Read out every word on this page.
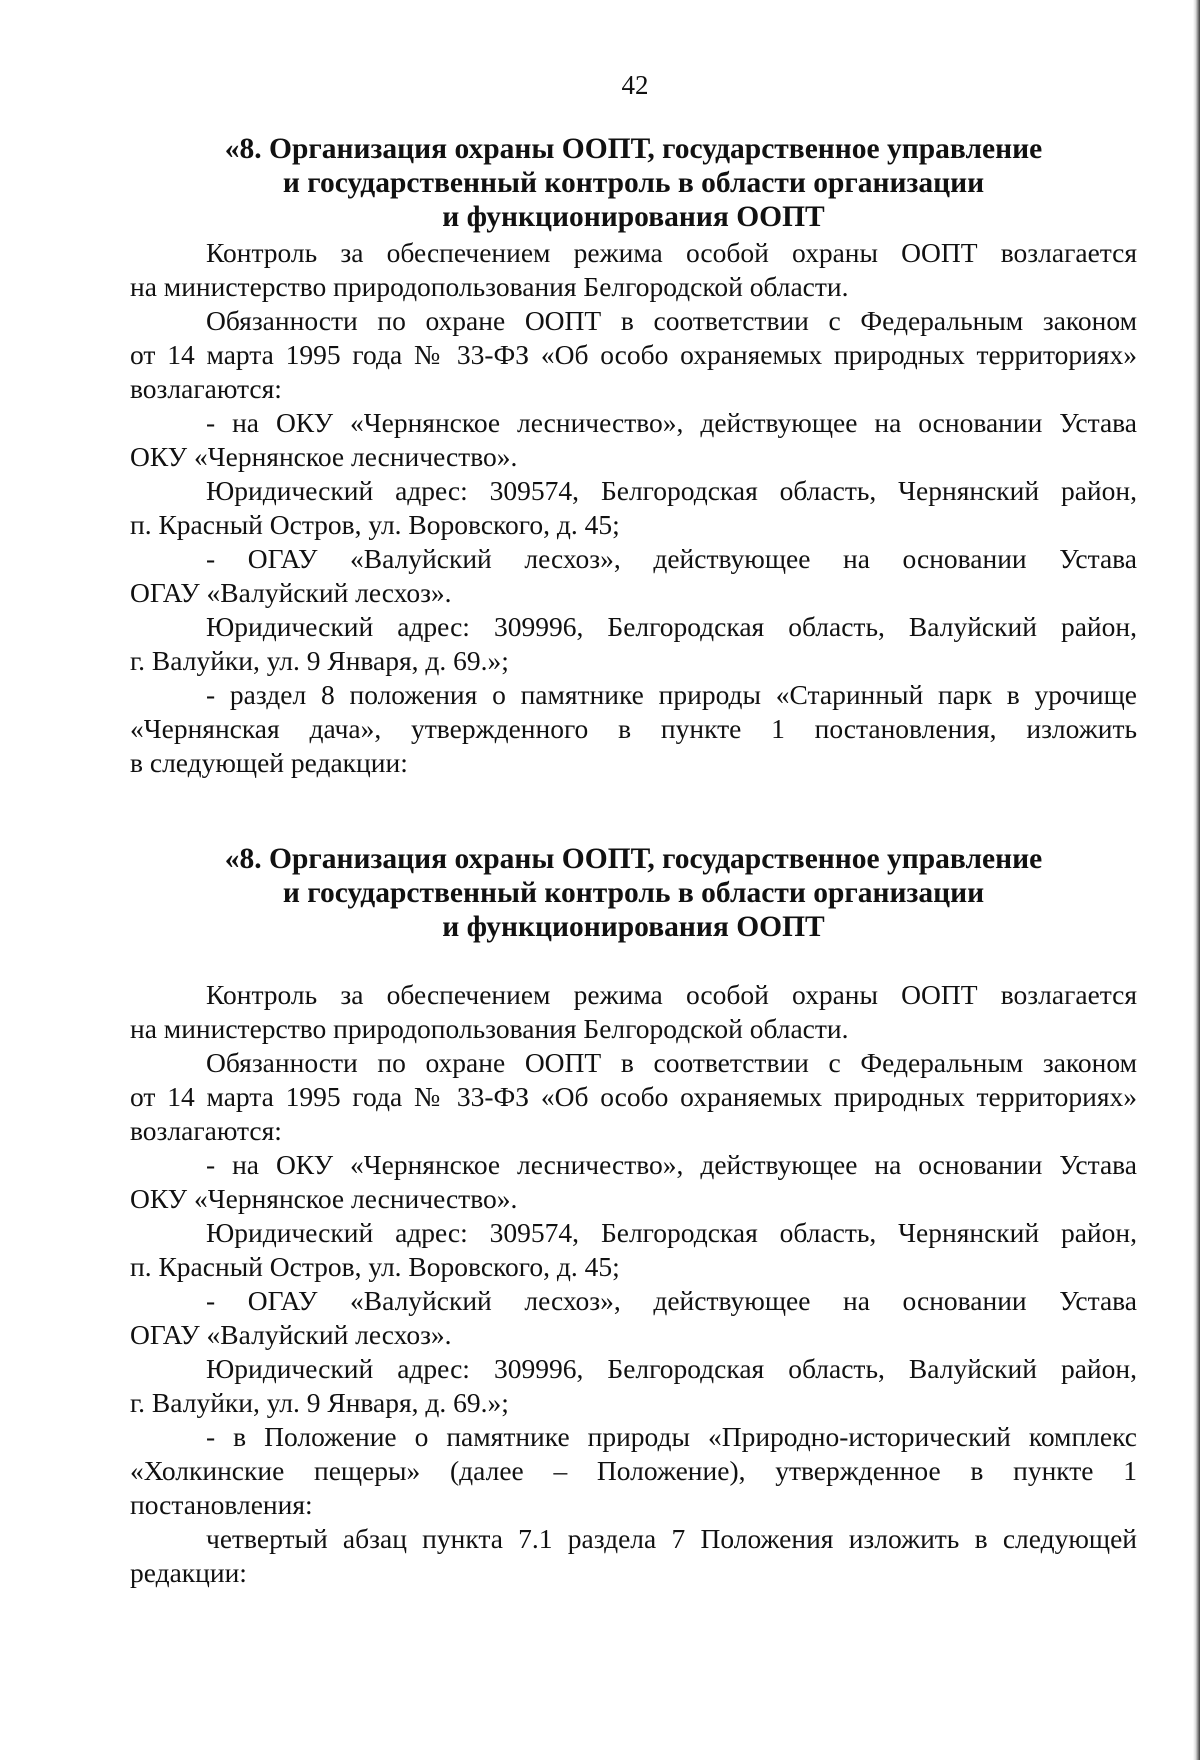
42
«8. Организация охраны ООПТ, государственное управление
и государственный контроль в области организации
и функционирования ООПТ
Контроль за обеспечением режима особой охраны ООПТ возлагается
на министерство природопользования Белгородской области.
Обязанности по охране ООПТ в соответствии с Федеральным законом
от 14 марта 1995 года № 33-ФЗ «Об особо охраняемых природных территориях»
возлагаются:
- на ОКУ «Чернянское лесничество», действующее на основании Устава
ОКУ «Чернянское лесничество».
Юридический адрес: 309574, Белгородская область, Чернянский район,
п. Красный Остров, ул. Воровского, д. 45;
- ОГАУ «Валуйский лесхоз», действующее на основании Устава
ОГАУ «Валуйский лесхоз».
Юридический адрес: 309996, Белгородская область, Валуйский район,
г. Валуйки, ул. 9 Января, д. 69.»;
- раздел 8 положения о памятнике природы «Старинный парк в урочище
«Чернянская дача», утвержденного в пункте 1 постановления, изложить
в следующей редакции:
«8. Организация охраны ООПТ, государственное управление
и государственный контроль в области организации
и функционирования ООПТ
Контроль за обеспечением режима особой охраны ООПТ возлагается
на министерство природопользования Белгородской области.
Обязанности по охране ООПТ в соответствии с Федеральным законом
от 14 марта 1995 года № 33-ФЗ «Об особо охраняемых природных территориях»
возлагаются:
- на ОКУ «Чернянское лесничество», действующее на основании Устава
ОКУ «Чернянское лесничество».
Юридический адрес: 309574, Белгородская область, Чернянский район,
п. Красный Остров, ул. Воровского, д. 45;
- ОГАУ «Валуйский лесхоз», действующее на основании Устава
ОГАУ «Валуйский лесхоз».
Юридический адрес: 309996, Белгородская область, Валуйский район,
г. Валуйки, ул. 9 Января, д. 69.»;
- в Положение о памятнике природы «Природно-исторический комплекс
«Холкинские пещеры» (далее – Положение), утвержденное в пункте 1
постановления:
четвертый абзац пункта 7.1 раздела 7 Положения изложить в следующей
редакции:
